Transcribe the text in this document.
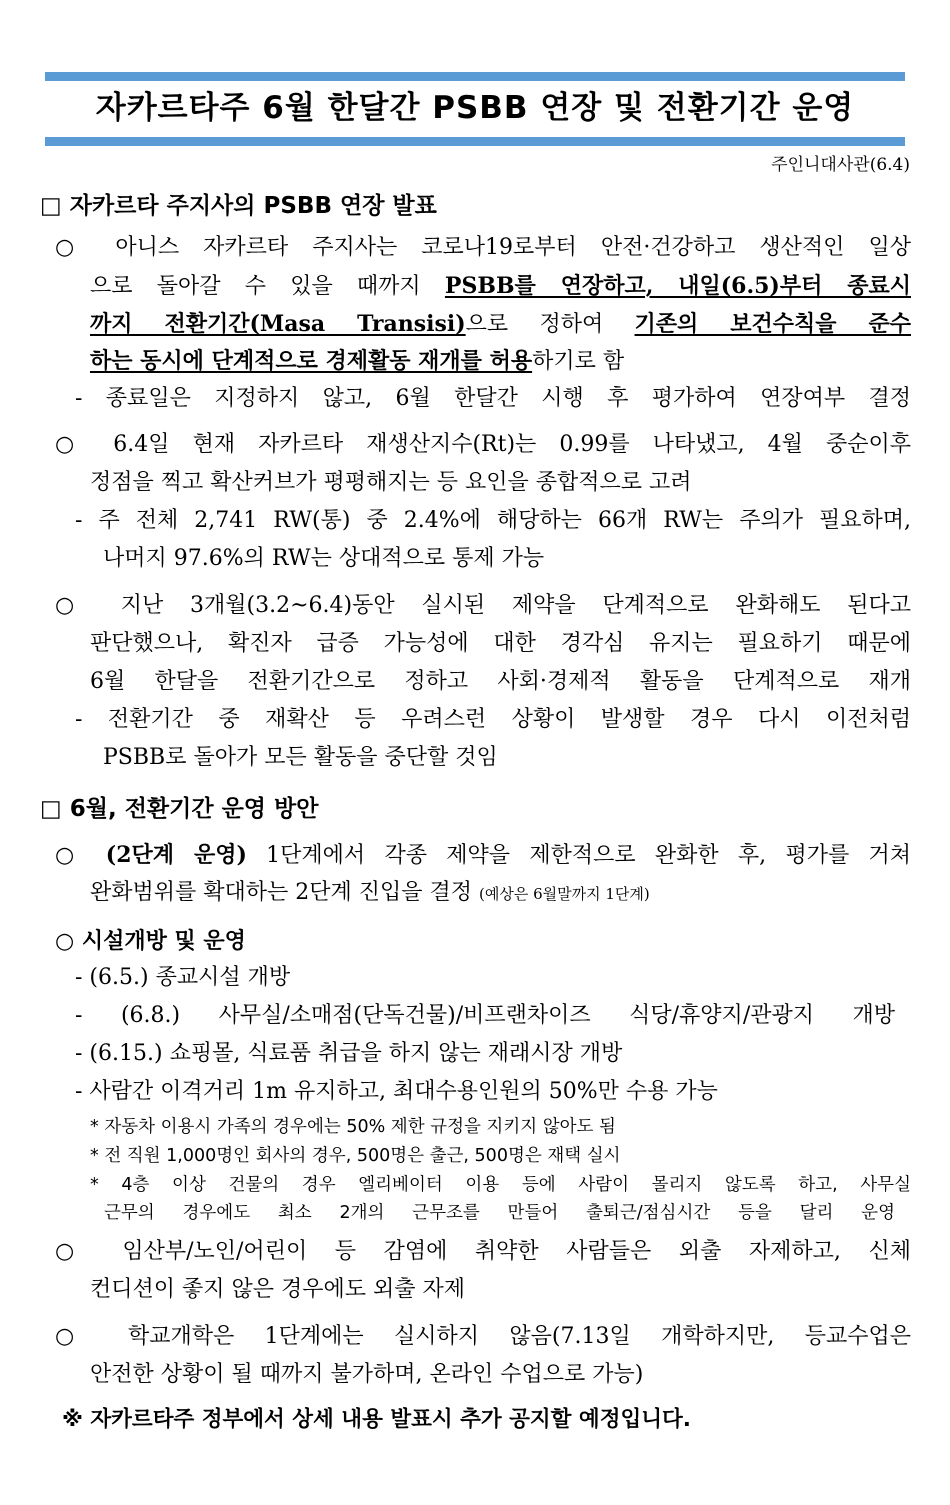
자카르타주 6월 한달간 PSBB 연장 및 전환기간 운영
주인니대사관(6.4)
□ 자카르타 주지사의 PSBB 연장 발표
○ 아니스 자카르타 주지사는 코로나19로부터 안전·건강하고 생산적인 일상
으로 돌아갈 수 있을 때까지 PSBB를 연장하고, 내일(6.5)부터 종료시
까지 전환기간(Masa Transisi)으로 정하여 기존의 보건수칙을 준수
하는 동시에 단계적으로 경제활동 재개를 허용하기로 함
- 종료일은 지정하지 않고, 6월 한달간 시행 후 평가하여 연장여부 결정
○ 6.4일 현재 자카르타 재생산지수(Rt)는 0.99를 나타냈고, 4월 중순이후
정점을 찍고 확산커브가 평평해지는 등 요인을 종합적으로 고려
- 주 전체 2,741 RW(통) 중 2.4%에 해당하는 66개 RW는 주의가 필요하며,
나머지 97.6%의 RW는 상대적으로 통제 가능
○ 지난 3개월(3.2~6.4)동안 실시된 제약을 단계적으로 완화해도 된다고
판단했으나, 확진자 급증 가능성에 대한 경각심 유지는 필요하기 때문에
6월 한달을 전환기간으로 정하고 사회·경제적 활동을 단계적으로 재개
- 전환기간 중 재확산 등 우려스런 상황이 발생할 경우 다시 이전처럼
PSBB로 돌아가 모든 활동을 중단할 것임
□ 6월, 전환기간 운영 방안
○ (2단계 운영) 1단계에서 각종 제약을 제한적으로 완화한 후, 평가를 거쳐
완화범위를 확대하는 2단계 진입을 결정 (예상은 6월말까지 1단계)
○ 시설개방 및 운영
- (6.5.) 종교시설 개방
- (6.8.) 사무실/소매점(단독건물)/비프랜차이즈 식당/휴양지/관광지 개방
- (6.15.) 쇼핑몰, 식료품 취급을 하지 않는 재래시장 개방
- 사람간 이격거리 1m 유지하고, 최대수용인원의 50%만 수용 가능
* 자동차 이용시 가족의 경우에는 50% 제한 규정을 지키지 않아도 됨
* 전 직원 1,000명인 회사의 경우, 500명은 출근, 500명은 재택 실시
* 4층 이상 건물의 경우 엘리베이터 이용 등에 사람이 몰리지 않도록 하고, 사무실
근무의 경우에도 최소 2개의 근무조를 만들어 출퇴근/점심시간 등을 달리 운영
○ 임산부/노인/어린이 등 감염에 취약한 사람들은 외출 자제하고, 신체
컨디션이 좋지 않은 경우에도 외출 자제
○ 학교개학은 1단계에는 실시하지 않음(7.13일 개학하지만, 등교수업은
안전한 상황이 될 때까지 불가하며, 온라인 수업으로 가능)
※ 자카르타주 정부에서 상세 내용 발표시 추가 공지할 예정입니다.
